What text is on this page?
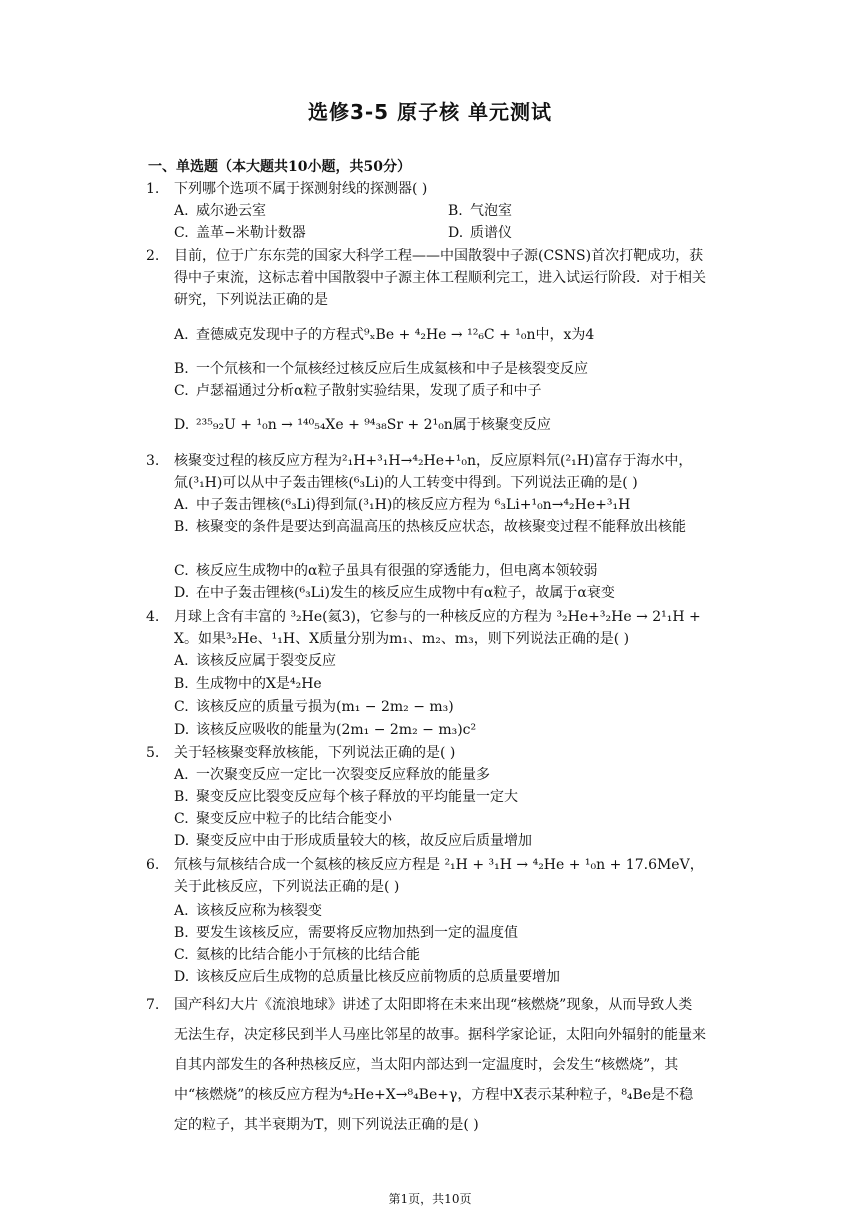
选修3-5 原子核 单元测试
一、单选题（本大题共10小题，共50分）
1.	下列哪个选项不属于探测射线的探测器( )
A. 威尔逊云室	B. 气泡室
C. 盖革−米勒计数器	D. 质谱仪
2.	目前，位于广东东莞的国家大科学工程——中国散裂中子源(CSNS)首次打靶成功，获得中子束流，这标志着中国散裂中子源主体工程顺利完工，进入试运行阶段．对于相关研究，下列说法正确的是
A. 查德威克发现中子的方程式⁹ₓBe + ⁴₂He → ¹²₆C + ¹₀n中，x为4
B. 一个氘核和一个氚核经过核反应后生成氦核和中子是核裂变反应
C. 卢瑟福通过分析α粒子散射实验结果，发现了质子和中子
D. ²³⁵₉₂U + ¹₀n → ¹⁴⁰₅₄Xe + ⁹⁴₃₈Sr + 2¹₀n属于核聚变反应
3.	核聚变过程的核反应方程为²₁H+³₁H→⁴₂He+¹₀n，反应原料氘(²₁H)富存于海水中，氚(³₁H)可以从中子轰击锂核(⁶₃Li)的人工转变中得到。下列说法正确的是( )
A. 中子轰击锂核(⁶₃Li)得到氚(³₁H)的核反应方程为 ⁶₃Li+¹₀n→⁴₂He+³₁H
B. 核聚变的条件是要达到高温高压的热核反应状态，故核聚变过程不能释放出核能
C. 核反应生成物中的α粒子虽具有很强的穿透能力，但电离本领较弱
D. 在中子轰击锂核(⁶₃Li)发生的核反应生成物中有α粒子，故属于α衰变
4.	月球上含有丰富的 ³₂He(氦3)，它参与的一种核反应的方程为 ³₂He+³₂He → 2¹₁H + X。如果³₂He、¹₁H、X质量分别为m₁、m₂、m₃，则下列说法正确的是( )
A. 该核反应属于裂变反应
B. 生成物中的X是⁴₂He
C. 该核反应的质量亏损为(m₁ − 2m₂ − m₃)
D. 该核反应吸收的能量为(2m₁ − 2m₂ − m₃)c²
5.	关于轻核聚变释放核能，下列说法正确的是( )
A. 一次聚变反应一定比一次裂变反应释放的能量多
B. 聚变反应比裂变反应每个核子释放的平均能量一定大
C. 聚变反应中粒子的比结合能变小
D. 聚变反应中由于形成质量较大的核，故反应后质量增加
6.	氘核与氚核结合成一个氦核的核反应方程是 ²₁H + ³₁H → ⁴₂He + ¹₀n + 17.6MeV，关于此核反应，下列说法正确的是( )
A. 该核反应称为核裂变
B. 要发生该核反应，需要将反应物加热到一定的温度值
C. 氦核的比结合能小于氘核的比结合能
D. 该核反应后生成物的总质量比核反应前物质的总质量要增加
7.	国产科幻大片《流浪地球》讲述了太阳即将在未来出现“核燃烧”现象，从而导致人类无法生存，决定移民到半人马座比邻星的故事。据科学家论证，太阳向外辐射的能量来自其内部发生的各种热核反应，当太阳内部达到一定温度时，会发生“核燃烧”，其中“核燃烧”的核反应方程为⁴₂He+X→⁸₄Be+γ，方程中X表示某种粒子，⁸₄Be是不稳定的粒子，其半衰期为T，则下列说法正确的是( )
第1页，共10页
